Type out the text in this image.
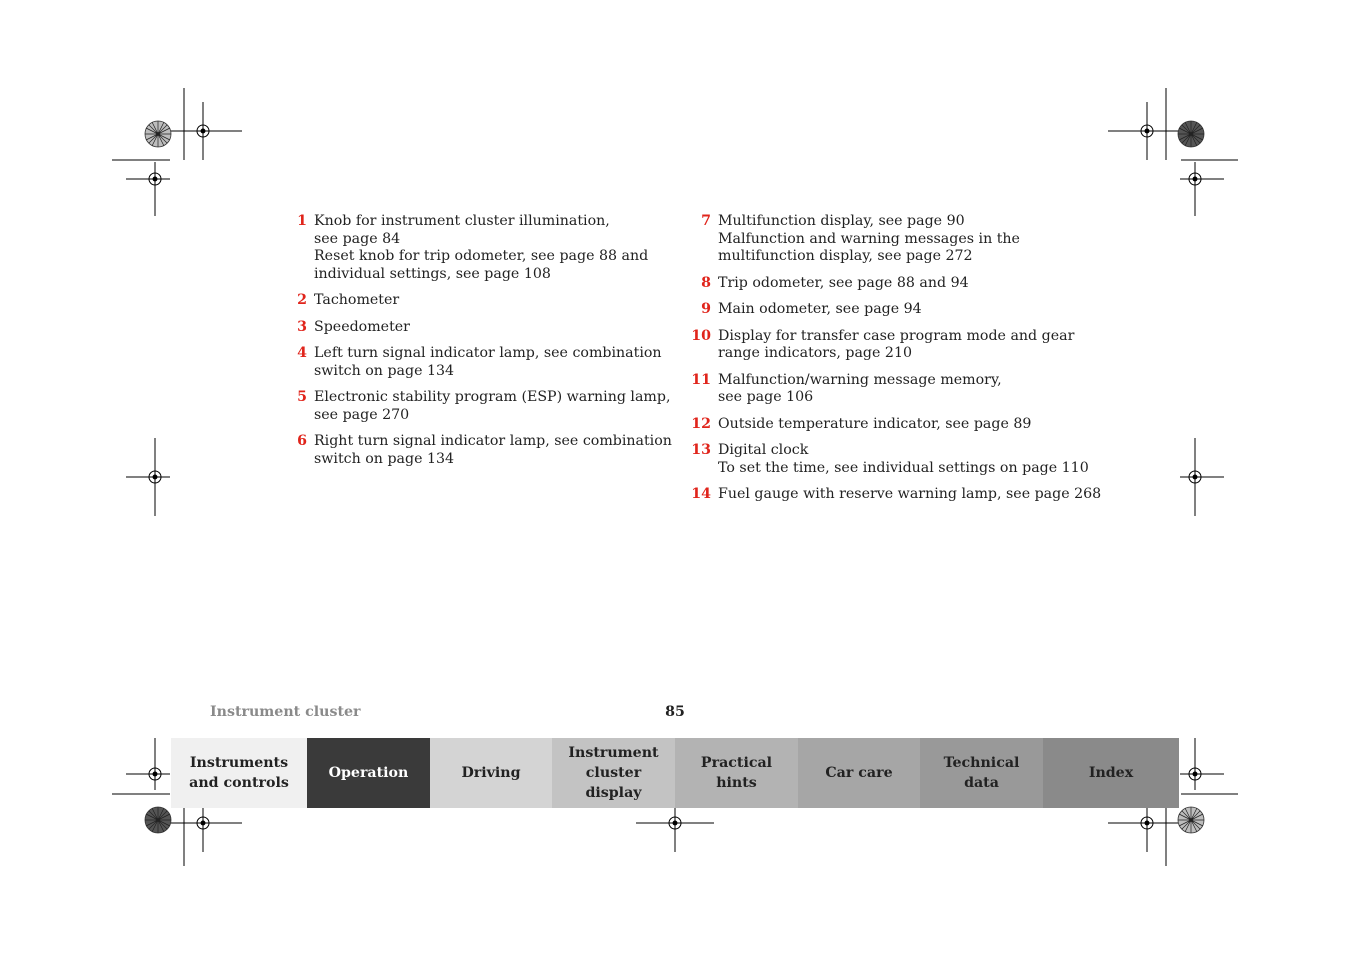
1 Knob for instrument cluster illumination,
see page 84
Reset knob for trip odometer, see page 88 and
individual settings, see page 108
2 Tachometer
3 Speedometer
4 Left turn signal indicator lamp, see combination
switch on page 134
5 Electronic stability program (ESP) warning lamp,
see page 270
6 Right turn signal indicator lamp, see combination
switch on page 134
7 Multifunction display, see page 90
Malfunction and warning messages in the
multifunction display, see page 272
8 Trip odometer, see page 88 and 94
9 Main odometer, see page 94
10 Display for transfer case program mode and gear
range indicators, page 210
11 Malfunction/warning message memory,
see page 106
12 Outside temperature indicator, see page 89
13 Digital clock
To set the time, see individual settings on page 110
14 Fuel gauge with reserve warning lamp, see page 268
Instrument cluster	85
Instruments
and controls
Operation	Driving
Instrument
cluster display
Practical hints
Car care
Technical
data
Index
